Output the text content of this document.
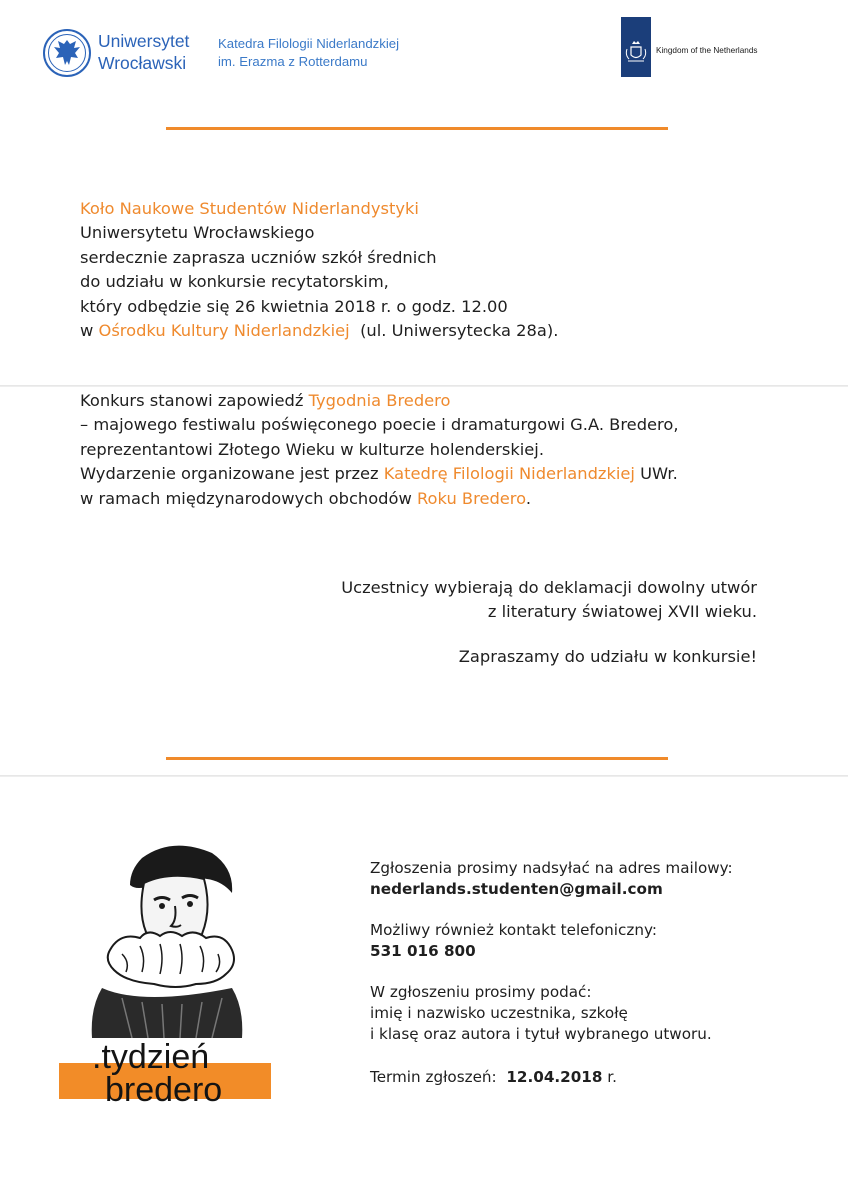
Uniwersytet
Wrocławski
Katedra Filologii Niderlandzkiej
im. Erazma z Rotterdamu
Kingdom of the Netherlands
Koło Naukowe Studentów Niderlandystyki
Uniwersytetu Wrocławskiego
serdecznie zaprasza uczniów szkół średnich
do udziału w konkursie recytatorskim,
który odbędzie się 26 kwietnia 2018 r. o godz. 12.00
w Ośrodku Kultury Niderlandzkiej (ul. Uniwersytecka 28a).
Konkurs stanowi zapowiedź Tygodnia Bredero
– majowego festiwalu poświęconego poecie i dramaturgowi G.A. Bredero,
reprezentantowi Złotego Wieku w kulturze holenderskiej.
Wydarzenie organizowane jest przez Katedrę Filologii Niderlandzkiej UWr.
w ramach międzynarodowych obchodów Roku Bredero.
Uczestnicy wybierają do deklamacji dowolny utwór
z literatury światowej XVII wieku.
Zapraszamy do udziału w konkursie!
Zgłoszenia prosimy nadsyłać na adres mailowy:
nederlands.studenten@gmail.com
Możliwy również kontakt telefoniczny:
531 016 800
W zgłoszeniu prosimy podać:
imię i nazwisko uczestnika, szkołę
i klasę oraz autora i tytuł wybranego utworu.
Termin zgłoszeń: 12.04.2018 r.
.tydzień
bredero
